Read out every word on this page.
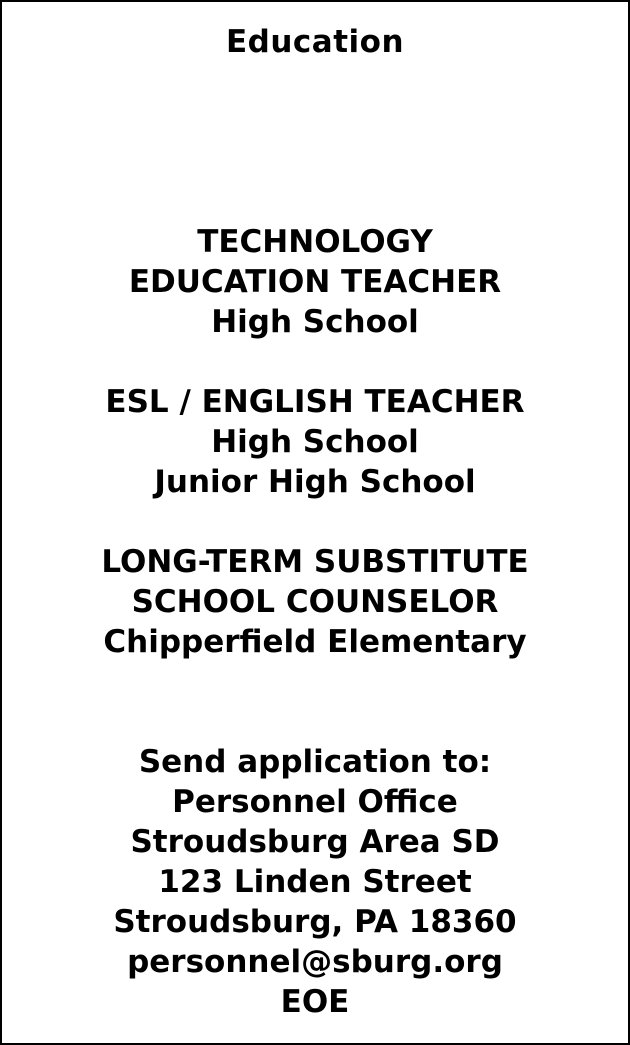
Education
TECHNOLOGY
EDUCATION TEACHER
High School
ESL / ENGLISH TEACHER
High School
Junior High School
LONG-TERM SUBSTITUTE
SCHOOL COUNSELOR
Chipperfield Elementary
Send application to:
Personnel Office
Stroudsburg Area SD
123 Linden Street
Stroudsburg, PA 18360
personnel@sburg.org
EOE
